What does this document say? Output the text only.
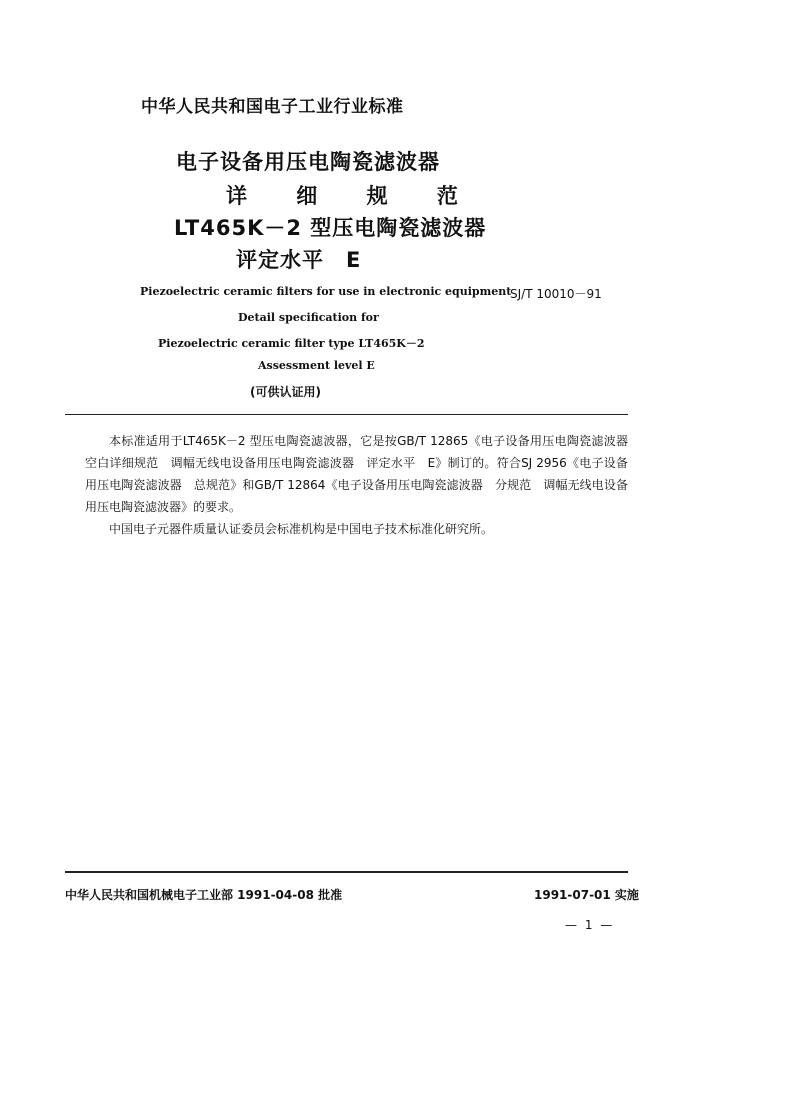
中华人民共和国电子工业行业标准
电子设备用压电陶瓷滤波器
详 细 规 范
LT465K－2 型压电陶瓷滤波器
评定水平　E
Piezoelectric ceramic filters for use in electronic equipment
SJ/T 10010－91
Detail specification for
Piezoelectric ceramic filter type LT465K－2
Assessment level E
(可供认证用)

本标准适用于LT465K－2 型压电陶瓷滤波器，它是按GB/T 12865《电子设备用压电陶瓷滤波器　空白详细规范　调幅无线电设备用压电陶瓷滤波器　评定水平　E》制订的。符合SJ 2956《电子设备用压电陶瓷滤波器　总规范》和GB/T 12864《电子设备用压电陶瓷滤波器　分规范　调幅无线电设备用压电陶瓷滤波器》的要求。

中国电子元器件质量认证委员会标准机构是中国电子技术标准化研究所。

中华人民共和国机械电子工业部 1991-04-08 批准	1991-07-01 实施
— 1 —
